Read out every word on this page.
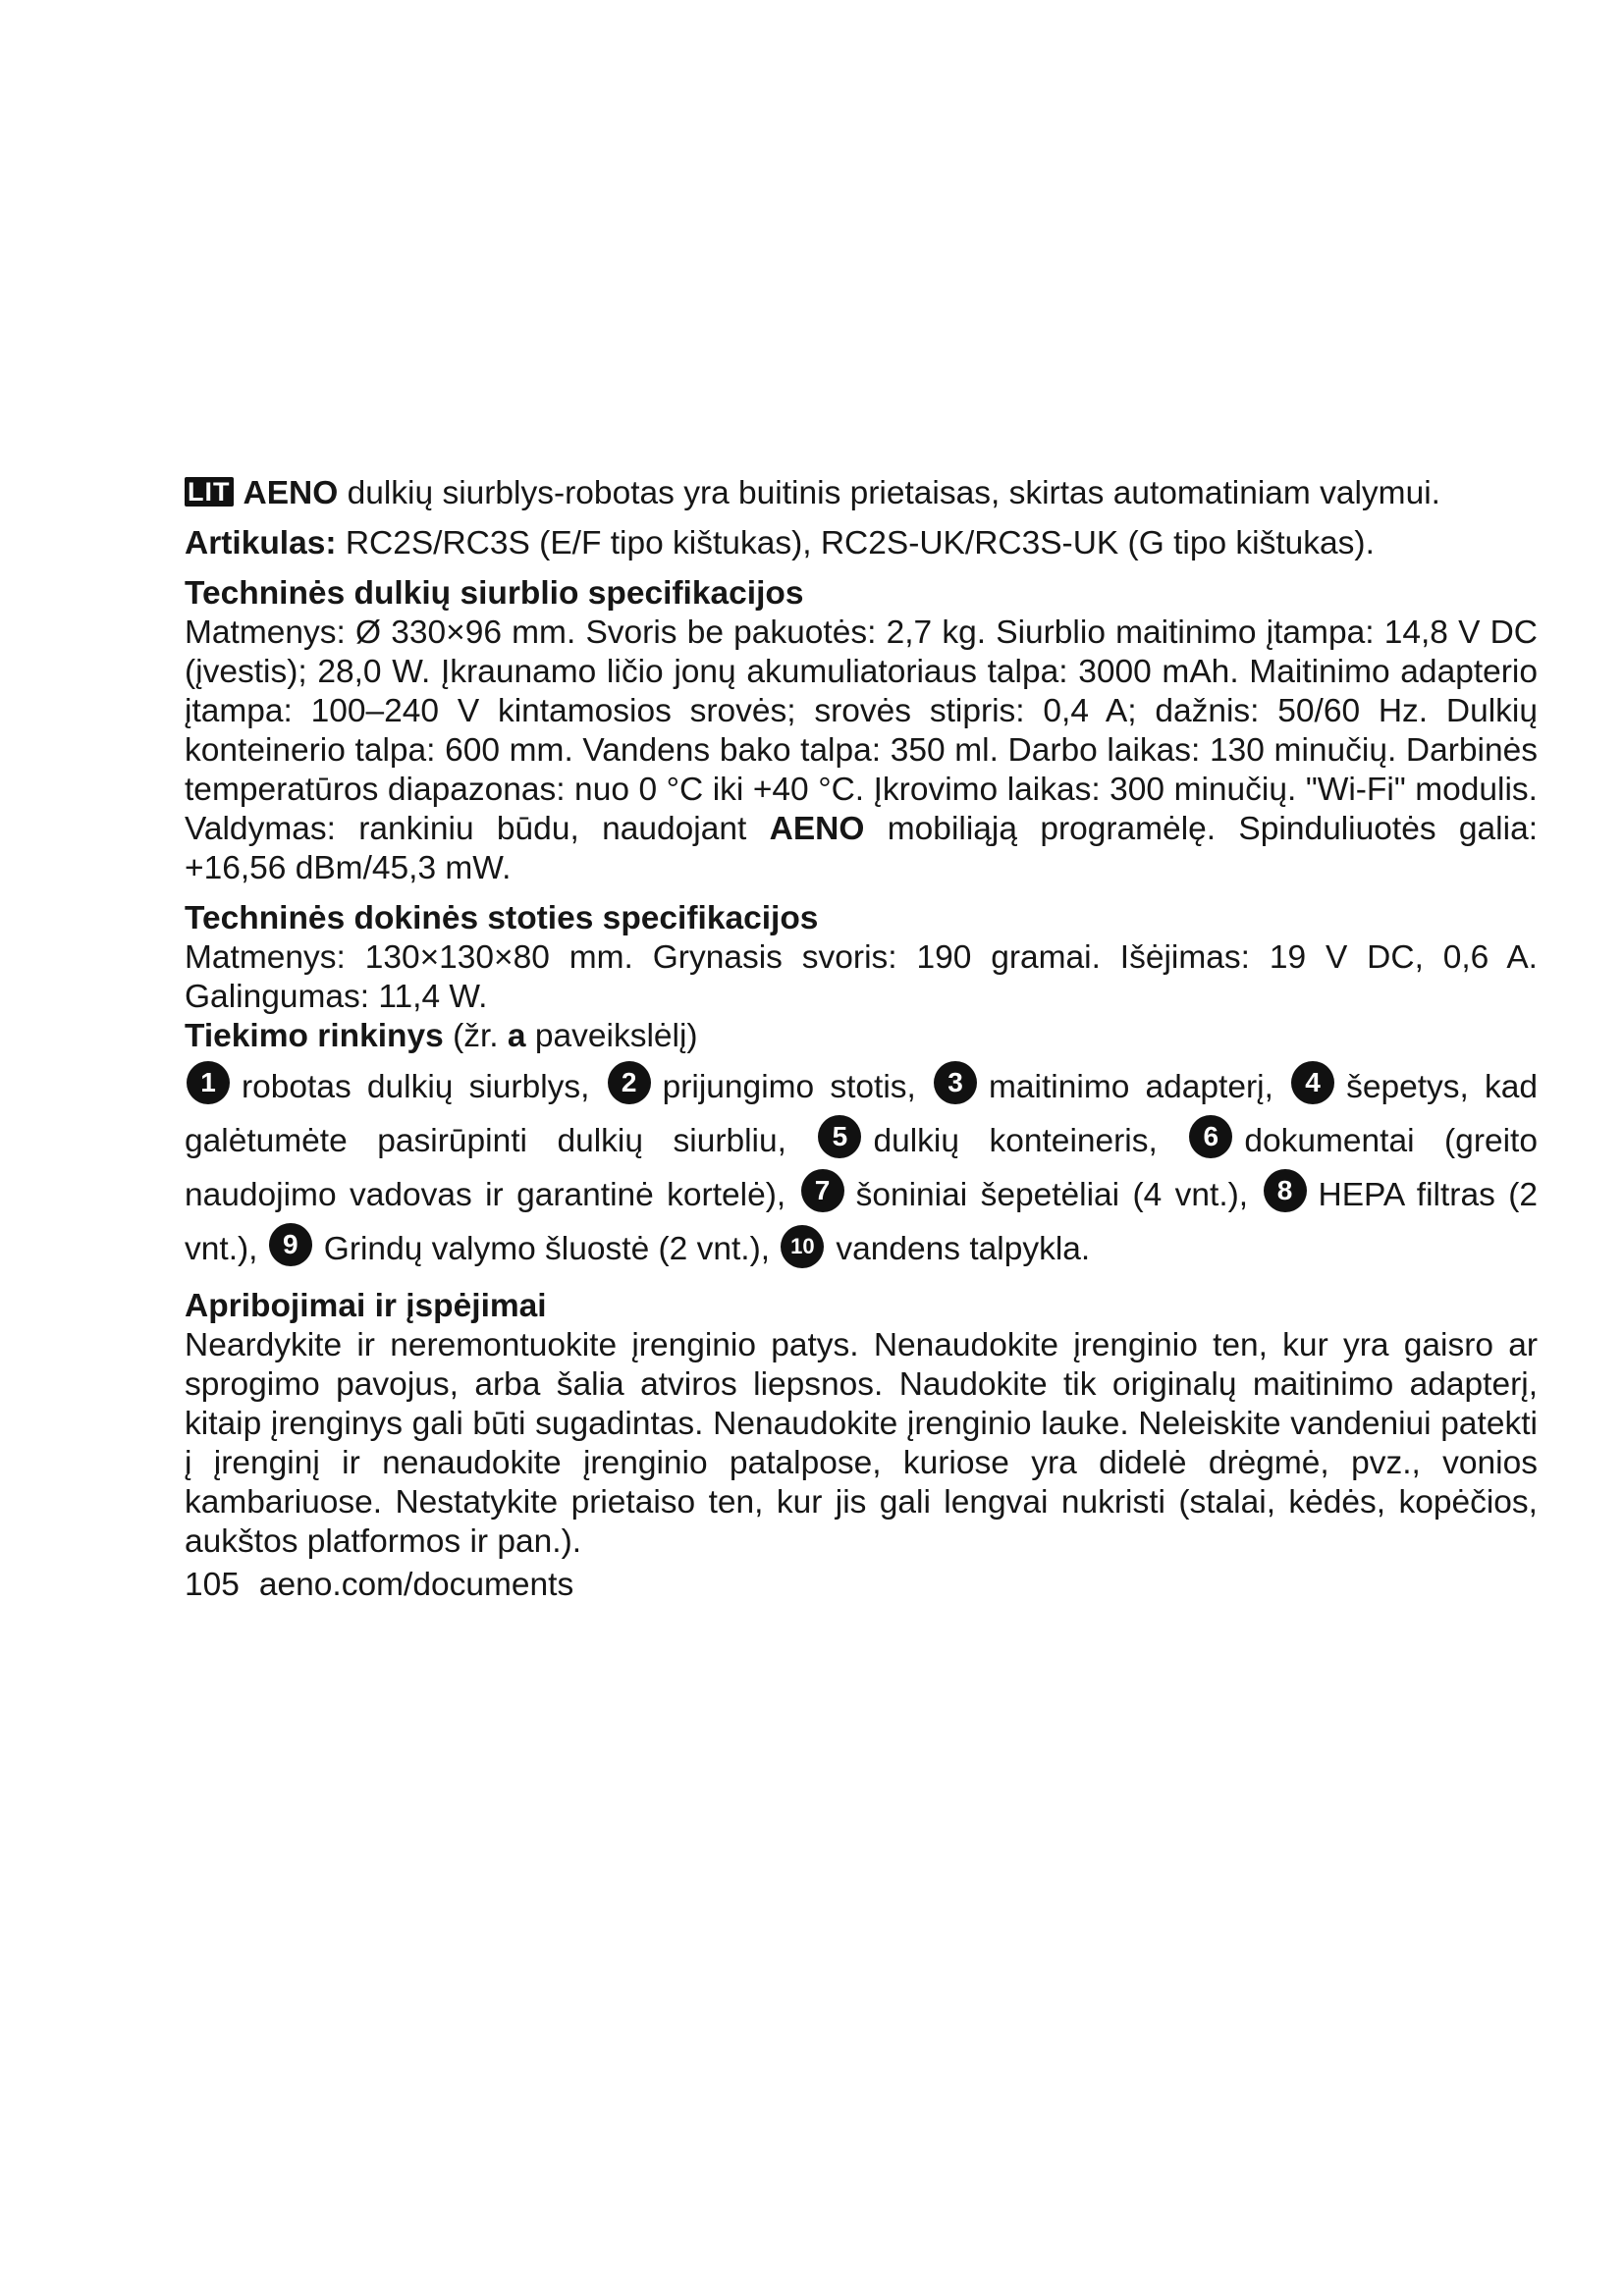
LIT AENO dulkių siurblys-robotas yra buitinis prietaisas, skirtas automatiniam valymui.

Artikulas: RC2S/RC3S (E/F tipo kištukas), RC2S-UK/RC3S-UK (G tipo kištukas).

Techninės dulkių siurblio specifikacijos
Matmenys: Ø 330×96 mm. Svoris be pakuotės: 2,7 kg. Siurblio maitinimo įtampa: 14,8 V DC (įvestis); 28,0 W. Įkraunamo ličio jonų akumuliatoriaus talpa: 3000 mAh. Maitinimo adapterio įtampa: 100–240 V kintamosios srovės; srovės stipris: 0,4 A; dažnis: 50/60 Hz. Dulkių konteinerio talpa: 600 mm. Vandens bako talpa: 350 ml. Darbo laikas: 130 minučių. Darbinės temperatūros diapazonas: nuo 0 °C iki +40 °C. Įkrovimo laikas: 300 minučių. "Wi-Fi" modulis. Valdymas: rankiniu būdu, naudojant AENO mobiliąją programėlę. Spinduliuotės galia: +16,56 dBm/45,3 mW.
Techninės dokinės stoties specifikacijos
Matmenys: 130×130×80 mm. Grynasis svoris: 190 gramai. Išėjimas: 19 V DC, 0,6 A. Galingumas: 11,4 W.
Tiekimo rinkinys (žr. a paveikslėlį)
1 robotas dulkių siurblys, 2 prijungimo stotis, 3 maitinimo adapterį, 4 šepetys, kad galėtumėte pasirūpinti dulkių siurbliu, 5 dulkių konteineris, 6 dokumentai (greito naudojimo vadovas ir garantinė kortelė), 7 šoniniai šepetėliai (4 vnt.), 8 HEPA filtras (2 vnt.), 9 Grindų valymo šluostė (2 vnt.), 10 vandens talpykla.
Apribojimai ir įspėjimai
Neardykite ir neremontuokite įrenginio patys. Nenaudokite įrenginio ten, kur yra gaisro ar sprogimo pavojus, arba šalia atviros liepsnos. Naudokite tik originalų maitinimo adapterį, kitaip įrenginys gali būti sugadintas. Nenaudokite įrenginio lauke. Neleiskite vandeniui patekti į įrenginį ir nenaudokite įrenginio patalpose, kuriose yra didelė drėgmė, pvz., vonios kambariuose. Nestatykite prietaiso ten, kur jis gali lengvai nukristi (stalai, kėdės, kopėčios, aukštos platformos ir pan.).
105 aeno.com/documents
